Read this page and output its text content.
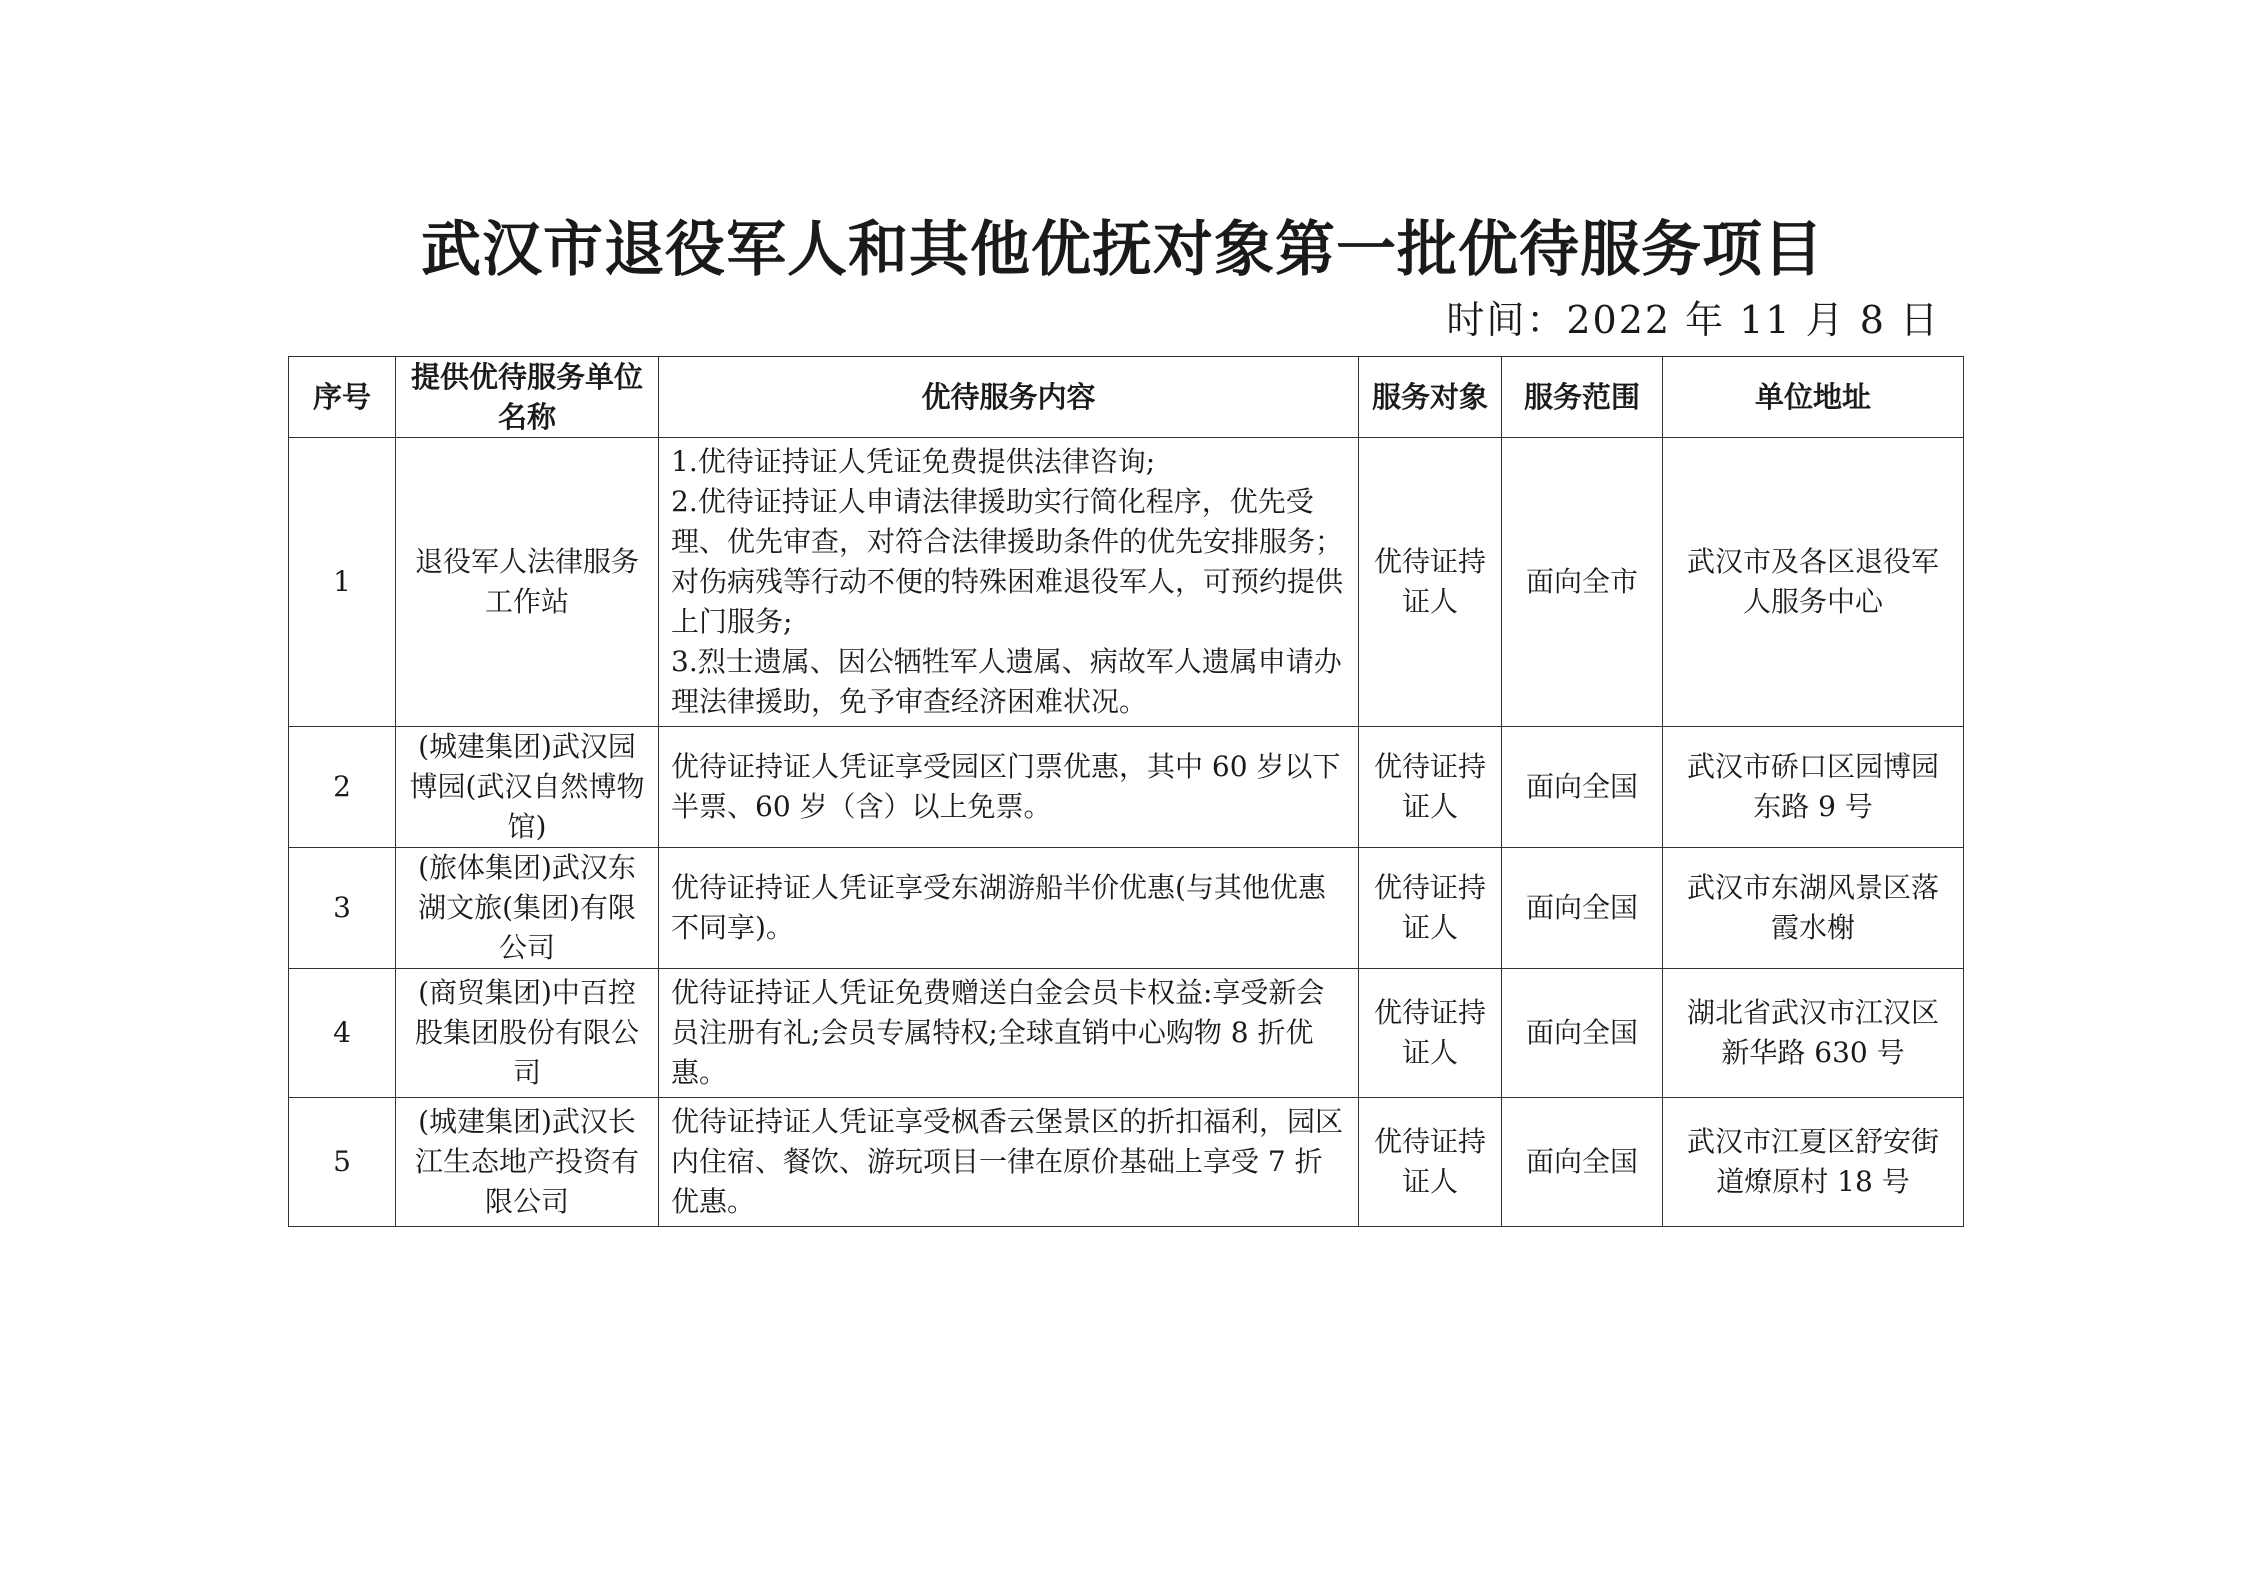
武汉市退役军人和其他优抚对象第一批优待服务项目
时间：2022 年 11 月 8 日
序号	提供优待服务单位名称	优待服务内容	服务对象	服务范围	单位地址
1	退役军人法律服务工作站	1.优待证持证人凭证免费提供法律咨询;
2.优待证持证人申请法律援助实行简化程序，优先受理、优先审查，对符合法律援助条件的优先安排服务；对伤病残等行动不便的特殊困难退役军人，可预约提供上门服务;
3.烈士遗属、因公牺牲军人遗属、病故军人遗属申请办理法律援助，免予审查经济困难状况。	优待证持证人	面向全市	武汉市及各区退役军人服务中心
2	(城建集团)武汉园博园(武汉自然博物馆)	优待证持证人凭证享受园区门票优惠，其中 60 岁以下半票、60 岁（含）以上免票。	优待证持证人	面向全国	武汉市硚口区园博园东路 9 号
3	(旅体集团)武汉东湖文旅(集团)有限公司	优待证持证人凭证享受东湖游船半价优惠(与其他优惠不同享)。	优待证持证人	面向全国	武汉市东湖风景区落霞水榭
4	(商贸集团)中百控股集团股份有限公司	优待证持证人凭证免费赠送白金会员卡权益:享受新会员注册有礼;会员专属特权;全球直销中心购物 8 折优惠。	优待证持证人	面向全国	湖北省武汉市江汉区新华路 630 号
5	(城建集团)武汉长江生态地产投资有限公司	优待证持证人凭证享受枫香云堡景区的折扣福利，园区内住宿、餐饮、游玩项目一律在原价基础上享受 7 折优惠。	优待证持证人	面向全国	武汉市江夏区舒安街道燎原村 18 号
